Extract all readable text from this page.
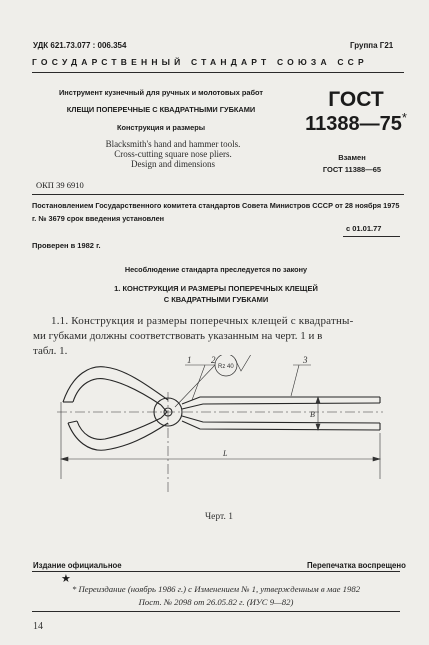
УДК 621.73.077 : 006.354	Группа Г21
ГОСУДАРСТВЕННЫЙ СТАНДАРТ СОЮЗА ССР
Инструмент кузнечный для ручных и молотовых работ
КЛЕЩИ ПОПЕРЕЧНЫЕ С КВАДРАТНЫМИ ГУБКАМИ
Конструкция и размеры
Blacksmith's hand and hammer tools.
Cross-cutting square nose pliers.
Design and dimensions
ОКП 39 6910
ГОСТ
11388—75*
Взамен
ГОСТ 11388—65
Постановлением Государственного комитета стандартов Совета Министров СССР от 28 ноября 1975 г. № 3679 срок введения установлен
с 01.01.77
Проверен в 1982 г.
Несоблюдение стандарта преследуется по закону
1. КОНСТРУКЦИЯ И РАЗМЕРЫ ПОПЕРЕЧНЫХ КЛЕЩЕЙ
С КВАДРАТНЫМИ ГУБКАМИ
1.1. Конструкция и размеры поперечных клещей с квадратны-
ми губками должны соответствовать указанным на черт. 1 и в
табл. 1.
1 2	3
Rz 40
B
L
Черт. 1
Издание официальное	Перепечатка воспрещено
★
* Переиздание (ноябрь 1986 г.) с Изменением № 1, утвержденным в мае 1982
Пост. № 2098 от 26.05.82 г. (ИУС 9—82)
14
